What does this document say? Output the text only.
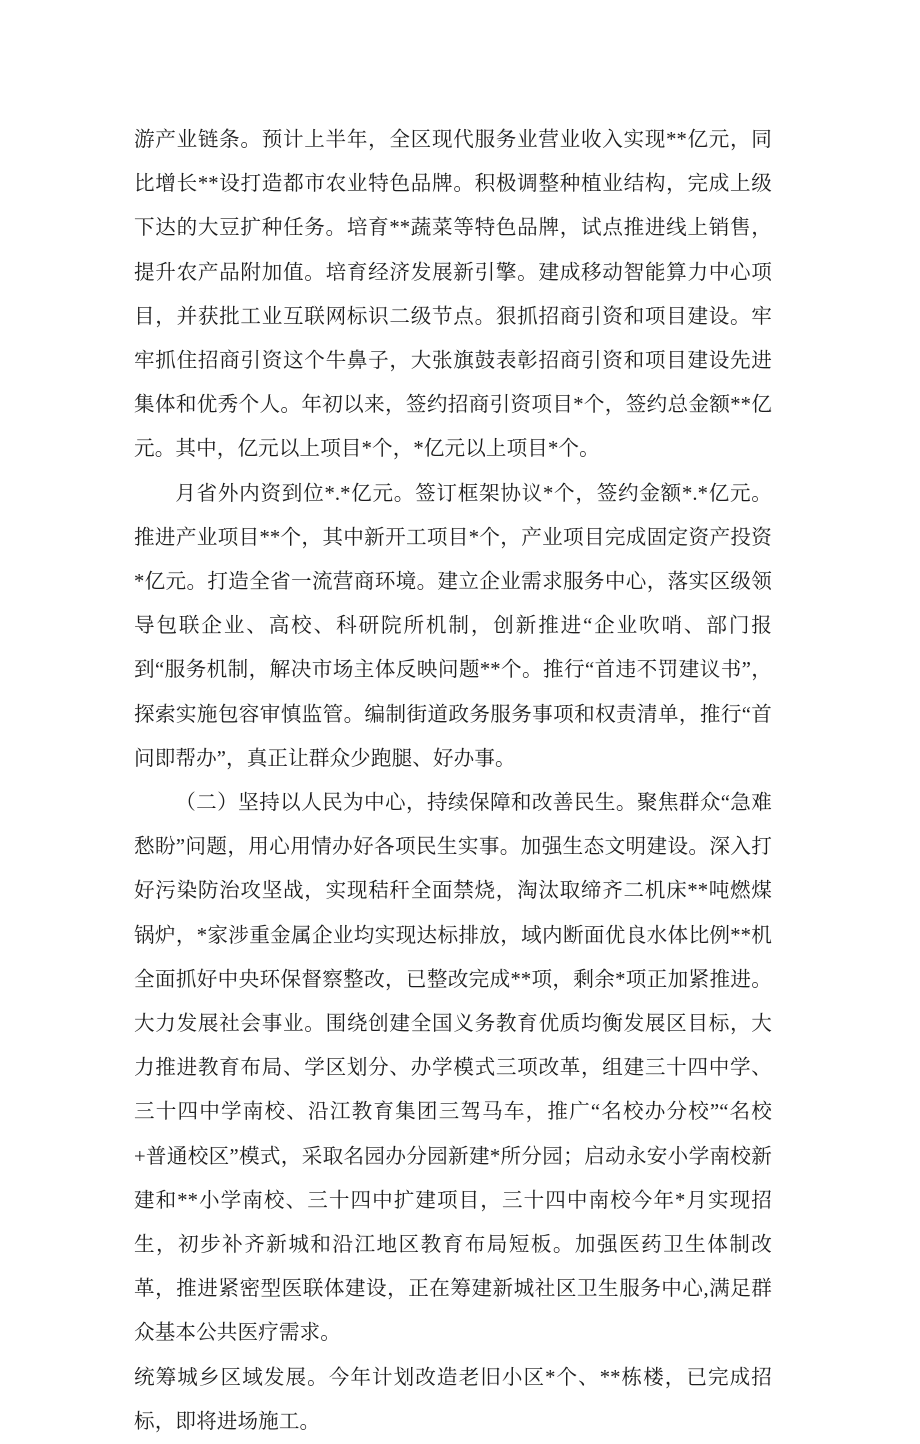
游产业链条。预计上半年，全区现代服务业营业收入实现**亿元，同比增长**设打造都市农业特色品牌。积极调整种植业结构，完成上级下达的大豆扩种任务。培育**蔬菜等特色品牌，试点推进线上销售，提升农产品附加值。培育经济发展新引擎。建成移动智能算力中心项目，并获批工业互联网标识二级节点。狠抓招商引资和项目建设。牢牢抓住招商引资这个牛鼻子，大张旗鼓表彰招商引资和项目建设先进集体和优秀个人。年初以来，签约招商引资项目*个，签约总金额**亿元。其中，亿元以上项目*个，*亿元以上项目*个。

月省外内资到位*.*亿元。签订框架协议*个，签约金额*.*亿元。推进产业项目**个，其中新开工项目*个，产业项目完成固定资产投资*亿元。打造全省一流营商环境。建立企业需求服务中心，落实区级领导包联企业、高校、科研院所机制，创新推进“企业吹哨、部门报到“服务机制，解决市场主体反映问题**个。推行“首违不罚建议书”，探索实施包容审慎监管。编制街道政务服务事项和权责清单，推行“首问即帮办”，真正让群众少跑腿、好办事。

（二）坚持以人民为中心，持续保障和改善民生。聚焦群众“急难愁盼”问题，用心用情办好各项民生实事。加强生态文明建设。深入打好污染防治攻坚战，实现秸秆全面禁烧，淘汰取缔齐二机床**吨燃煤锅炉，*家涉重金属企业均实现达标排放，域内断面优良水体比例**机全面抓好中央环保督察整改，已整改完成**项，剩余*项正加紧推进。大力发展社会事业。围绕创建全国义务教育优质均衡发展区目标，大力推进教育布局、学区划分、办学模式三项改革，组建三十四中学、三十四中学南校、沿江教育集团三驾马车，推广“名校办分校”“名校+普通校区”模式，采取名园办分园新建*所分园；启动永安小学南校新建和**小学南校、三十四中扩建项目，三十四中南校今年*月实现招生，初步补齐新城和沿江地区教育布局短板。加强医药卫生体制改革，推进紧密型医联体建设，正在筹建新城社区卫生服务中心,满足群众基本公共医疗需求。

统筹城乡区域发展。今年计划改造老旧小区*个、**栋楼，已完成招标，即将进场施工。
